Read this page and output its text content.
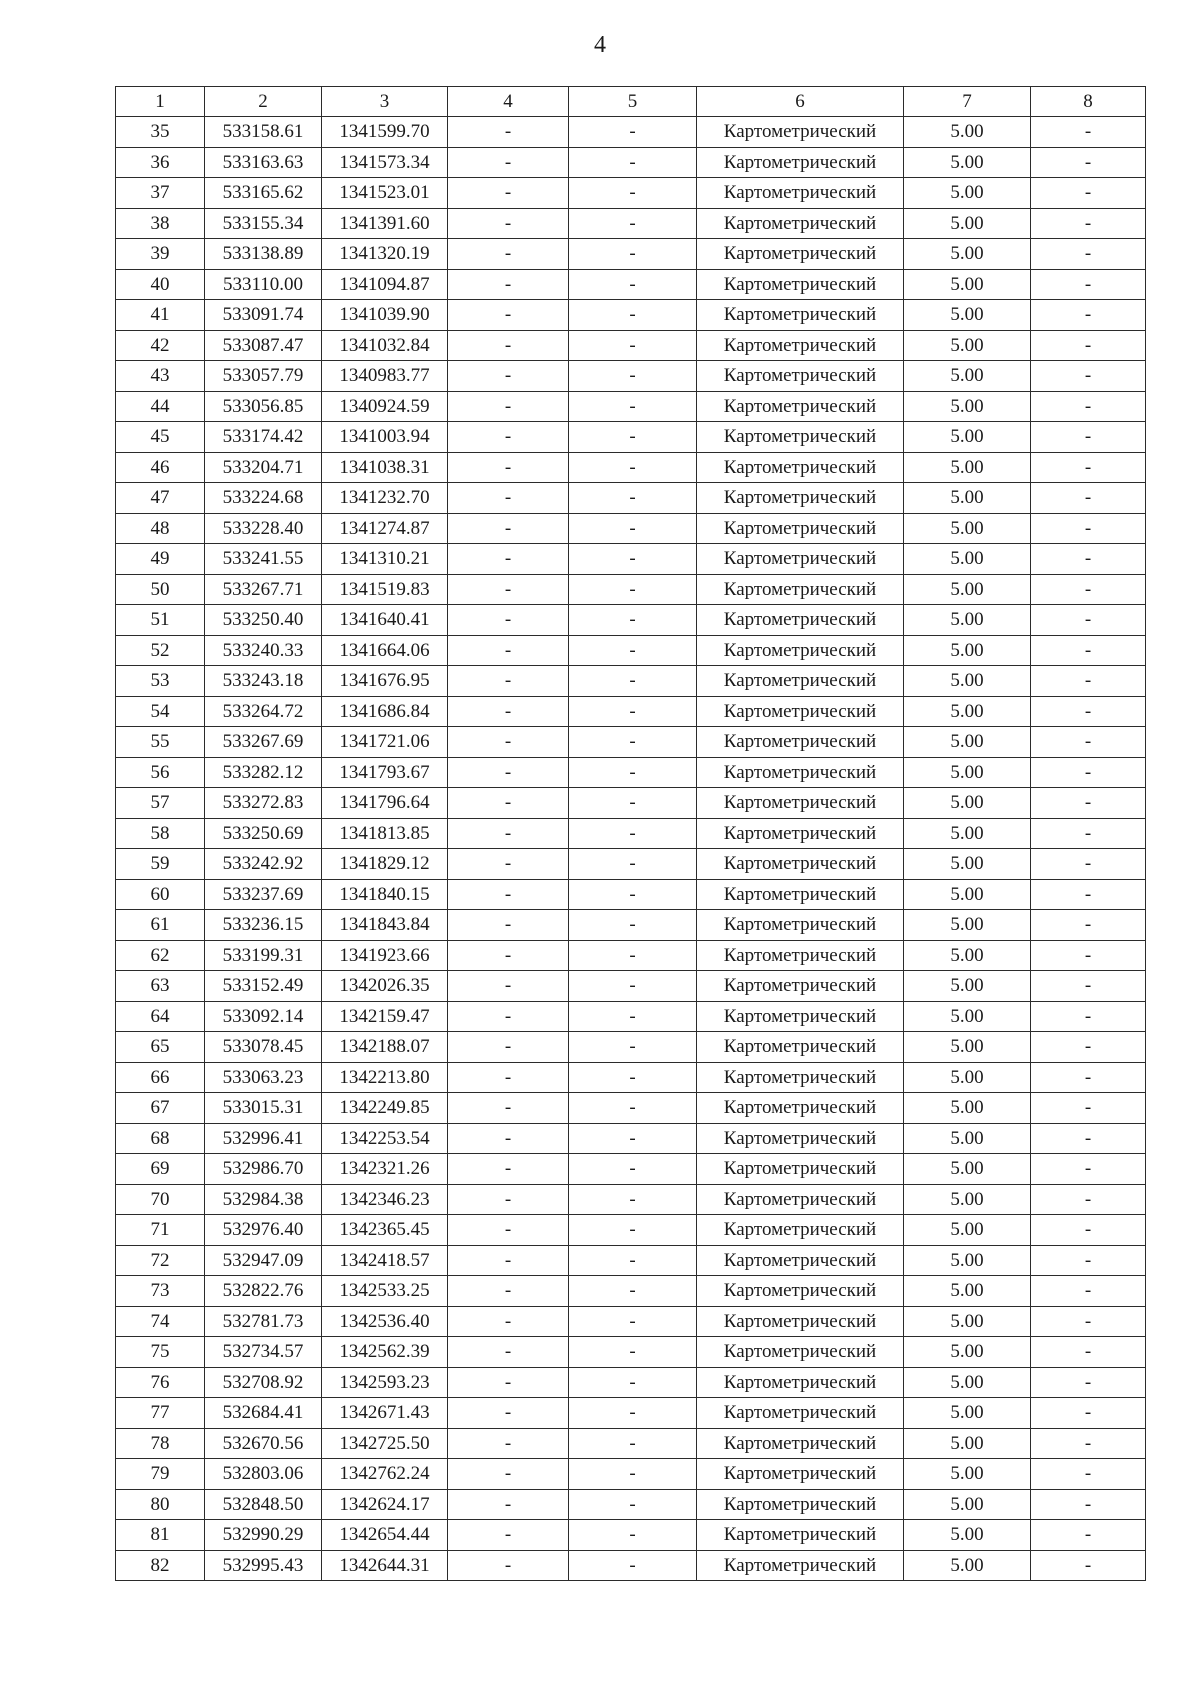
4
1	2	3	4	5	6	7	8
35	533158.61	1341599.70	-	-	Картометрический	5.00	-
36	533163.63	1341573.34	-	-	Картометрический	5.00	-
37	533165.62	1341523.01	-	-	Картометрический	5.00	-
38	533155.34	1341391.60	-	-	Картометрический	5.00	-
39	533138.89	1341320.19	-	-	Картометрический	5.00	-
40	533110.00	1341094.87	-	-	Картометрический	5.00	-
41	533091.74	1341039.90	-	-	Картометрический	5.00	-
42	533087.47	1341032.84	-	-	Картометрический	5.00	-
43	533057.79	1340983.77	-	-	Картометрический	5.00	-
44	533056.85	1340924.59	-	-	Картометрический	5.00	-
45	533174.42	1341003.94	-	-	Картометрический	5.00	-
46	533204.71	1341038.31	-	-	Картометрический	5.00	-
47	533224.68	1341232.70	-	-	Картометрический	5.00	-
48	533228.40	1341274.87	-	-	Картометрический	5.00	-
49	533241.55	1341310.21	-	-	Картометрический	5.00	-
50	533267.71	1341519.83	-	-	Картометрический	5.00	-
51	533250.40	1341640.41	-	-	Картометрический	5.00	-
52	533240.33	1341664.06	-	-	Картометрический	5.00	-
53	533243.18	1341676.95	-	-	Картометрический	5.00	-
54	533264.72	1341686.84	-	-	Картометрический	5.00	-
55	533267.69	1341721.06	-	-	Картометрический	5.00	-
56	533282.12	1341793.67	-	-	Картометрический	5.00	-
57	533272.83	1341796.64	-	-	Картометрический	5.00	-
58	533250.69	1341813.85	-	-	Картометрический	5.00	-
59	533242.92	1341829.12	-	-	Картометрический	5.00	-
60	533237.69	1341840.15	-	-	Картометрический	5.00	-
61	533236.15	1341843.84	-	-	Картометрический	5.00	-
62	533199.31	1341923.66	-	-	Картометрический	5.00	-
63	533152.49	1342026.35	-	-	Картометрический	5.00	-
64	533092.14	1342159.47	-	-	Картометрический	5.00	-
65	533078.45	1342188.07	-	-	Картометрический	5.00	-
66	533063.23	1342213.80	-	-	Картометрический	5.00	-
67	533015.31	1342249.85	-	-	Картометрический	5.00	-
68	532996.41	1342253.54	-	-	Картометрический	5.00	-
69	532986.70	1342321.26	-	-	Картометрический	5.00	-
70	532984.38	1342346.23	-	-	Картометрический	5.00	-
71	532976.40	1342365.45	-	-	Картометрический	5.00	-
72	532947.09	1342418.57	-	-	Картометрический	5.00	-
73	532822.76	1342533.25	-	-	Картометрический	5.00	-
74	532781.73	1342536.40	-	-	Картометрический	5.00	-
75	532734.57	1342562.39	-	-	Картометрический	5.00	-
76	532708.92	1342593.23	-	-	Картометрический	5.00	-
77	532684.41	1342671.43	-	-	Картометрический	5.00	-
78	532670.56	1342725.50	-	-	Картометрический	5.00	-
79	532803.06	1342762.24	-	-	Картометрический	5.00	-
80	532848.50	1342624.17	-	-	Картометрический	5.00	-
81	532990.29	1342654.44	-	-	Картометрический	5.00	-
82	532995.43	1342644.31	-	-	Картометрический	5.00	-
